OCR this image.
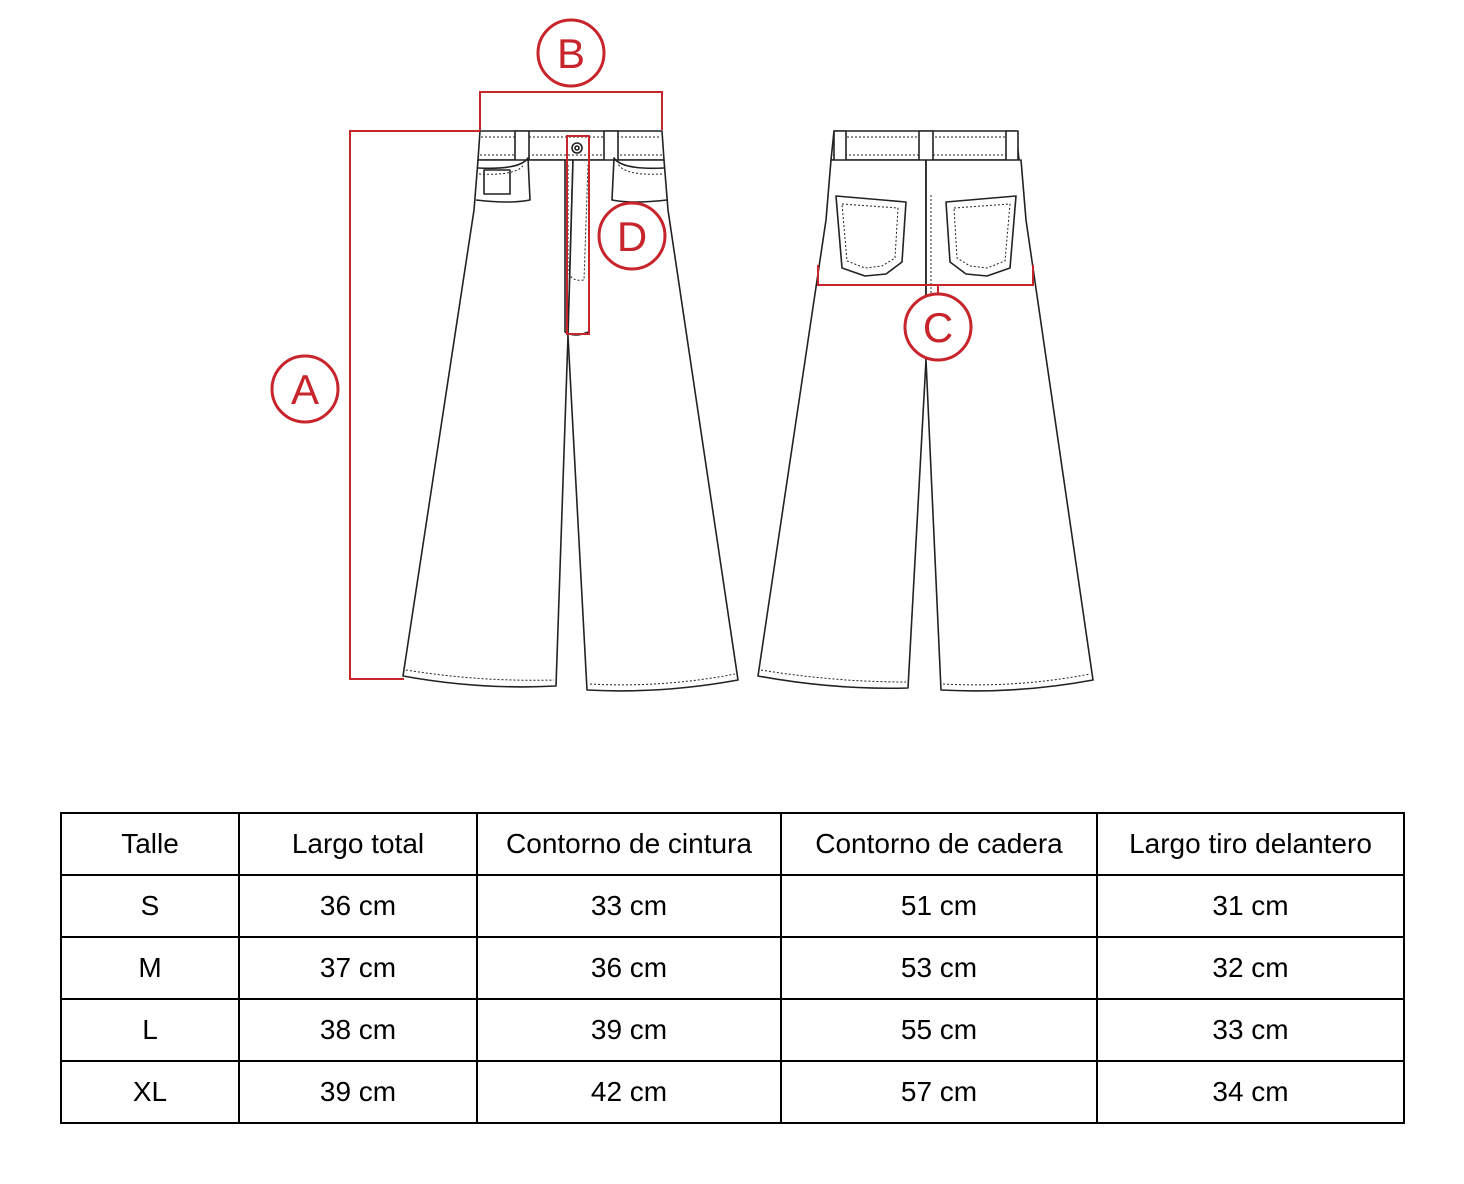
A
B
C
D
Talle	Largo total	Contorno de cintura	Contorno de cadera	Largo tiro delantero
S	36 cm	33 cm	51 cm	31 cm
M	37 cm	36 cm	53 cm	32 cm
L	38 cm	39 cm	55 cm	33 cm
XL	39 cm	42 cm	57 cm	34 cm
